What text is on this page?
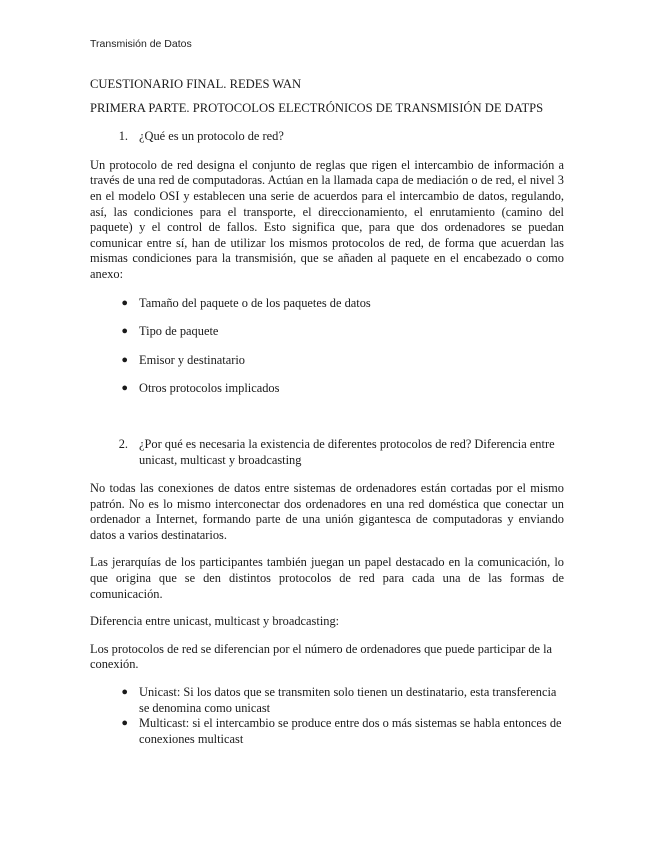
Transmisión de Datos

CUESTIONARIO FINAL. REDES WAN

PRIMERA PARTE. PROTOCOLOS ELECTRÓNICOS DE TRANSMISIÓN DE DATPS

1. ¿Qué es un protocolo de red?

Un protocolo de red designa el conjunto de reglas que rigen el intercambio de información a través de una red de computadoras. Actúan en la llamada capa de mediación o de red, el nivel 3 en el modelo OSI y establecen una serie de acuerdos para el intercambio de datos, regulando, así, las condiciones para el transporte, el direccionamiento, el enrutamiento (camino del paquete) y el control de fallos. Esto significa que, para que dos ordenadores se puedan comunicar entre sí, han de utilizar los mismos protocolos de red, de forma que acuerdan las mismas condiciones para la transmisión, que se añaden al paquete en el encabezado o como anexo:

● Tamaño del paquete o de los paquetes de datos
● Tipo de paquete
● Emisor y destinatario
● Otros protocolos implicados
2. ¿Por qué es necesaria la existencia de diferentes protocolos de red? Diferencia entre unicast, multicast y broadcasting

No todas las conexiones de datos entre sistemas de ordenadores están cortadas por el mismo patrón. No es lo mismo interconectar dos ordenadores en una red doméstica que conectar un ordenador a Internet, formando parte de una unión gigantesca de computadoras y enviando datos a varios destinatarios.

Las jerarquías de los participantes también juegan un papel destacado en la comunicación, lo que origina que se den distintos protocolos de red para cada una de las formas de comunicación.

Diferencia entre unicast, multicast y broadcasting:

Los protocolos de red se diferencian por el número de ordenadores que puede participar de la conexión.

● Unicast: Si los datos que se transmiten solo tienen un destinatario, esta transferencia se denomina como unicast
● Multicast: si el intercambio se produce entre dos o más sistemas se habla entonces de conexiones multicast
